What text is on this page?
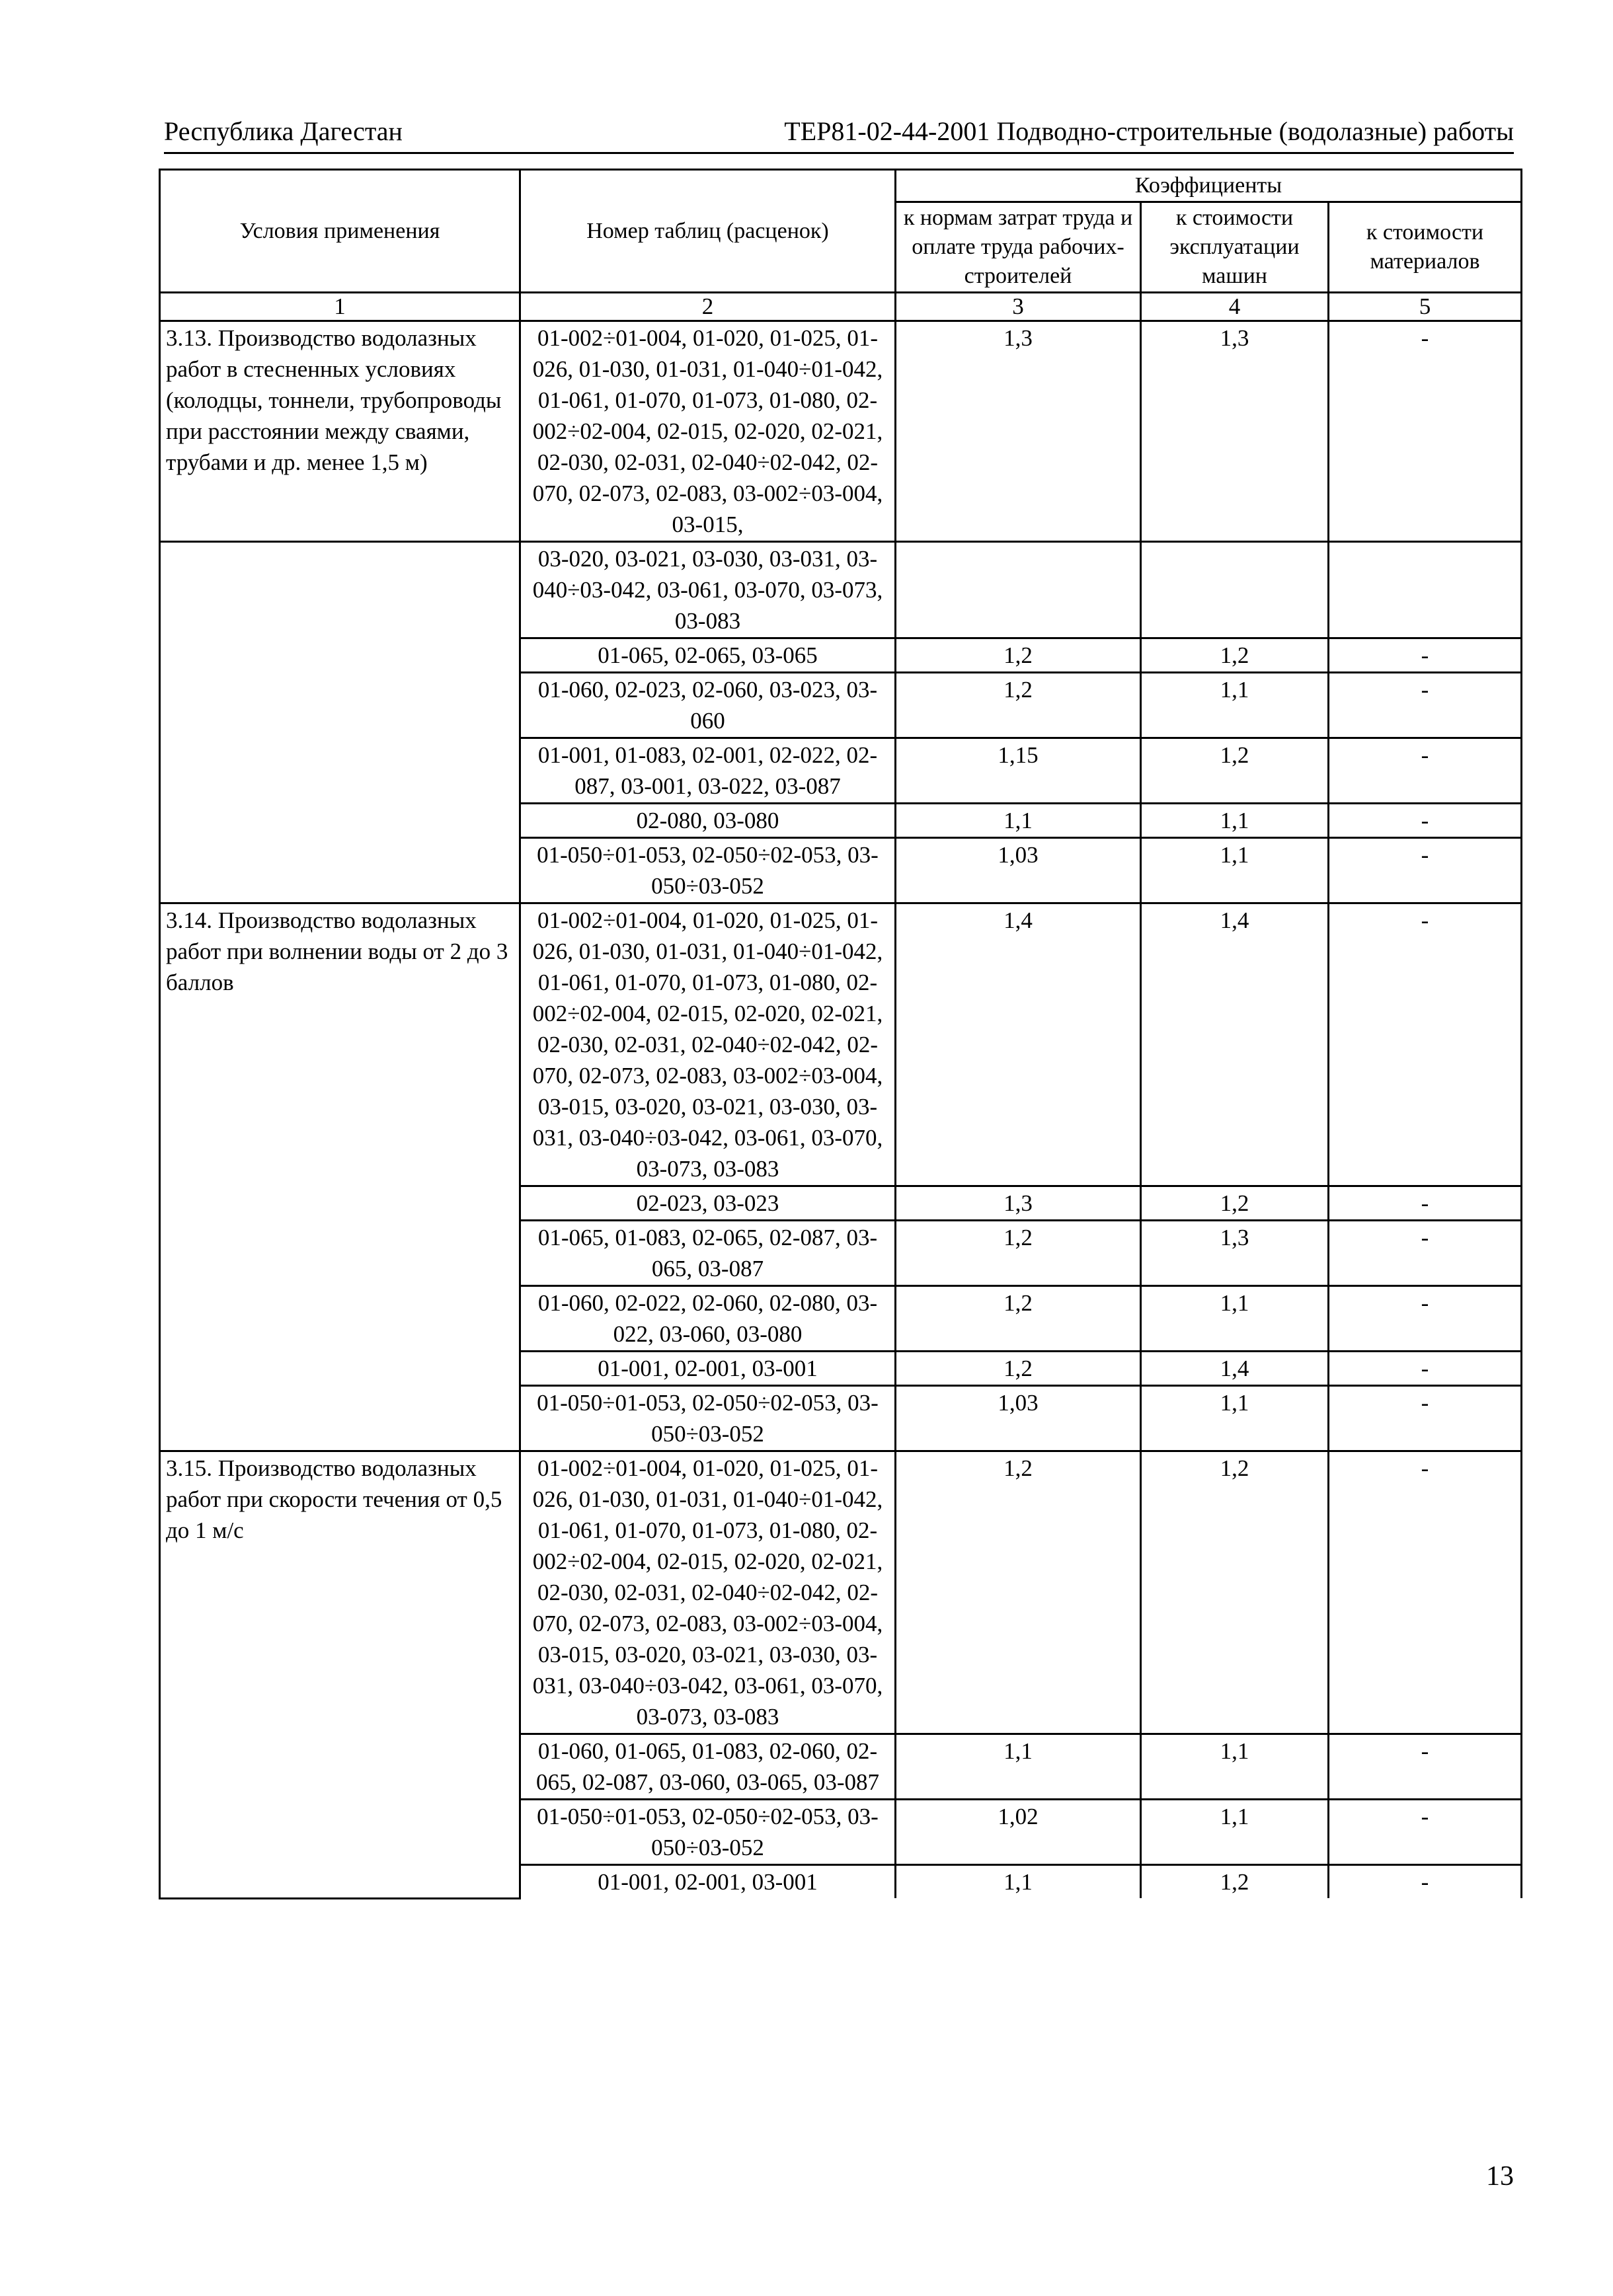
Республика Дагестан	ТЕР81-02-44-2001 Подводно-строительные (водолазные) работы
Условия применения	Номер таблиц (расценок)	Коэффициенты		
		к нормам затрат труда и оплате труда рабочих-строителей	к стоимости эксплуатации машин	к стоимости материалов
1	2	3	4	5
3.13. Производство водолазных работ в стесненных условиях (колодцы, тоннели, трубопроводы при расстоянии между сваями, трубами и др. менее 1,5 м)	01-002÷01-004, 01-020, 01-025, 01-026, 01-030, 01-031, 01-040÷01-042, 01-061, 01-070, 01-073, 01-080, 02-002÷02-004, 02-015, 02-020, 02-021, 02-030, 02-031, 02-040÷02-042, 02-070, 02-073, 02-083, 03-002÷03-004, 03-015,	1,3	1,3	-
	03-020, 03-021, 03-030, 03-031, 03-040÷03-042, 03-061, 03-070, 03-073, 03-083			
	01-065, 02-065, 03-065	1,2	1,2	-
	01-060, 02-023, 02-060, 03-023, 03-060	1,2	1,1	-
	01-001, 01-083, 02-001, 02-022, 02-087, 03-001, 03-022, 03-087	1,15	1,2	-
	02-080, 03-080	1,1	1,1	-
	01-050÷01-053, 02-050÷02-053, 03-050÷03-052	1,03	1,1	-
3.14. Производство водолазных работ при волнении воды от 2 до 3 баллов	01-002÷01-004, 01-020, 01-025, 01-026, 01-030, 01-031, 01-040÷01-042, 01-061, 01-070, 01-073, 01-080, 02-002÷02-004, 02-015, 02-020, 02-021, 02-030, 02-031, 02-040÷02-042, 02-070, 02-073, 02-083, 03-002÷03-004, 03-015, 03-020, 03-021, 03-030, 03-031, 03-040÷03-042, 03-061, 03-070, 03-073, 03-083	1,4	1,4	-
	02-023, 03-023	1,3	1,2	-
	01-065, 01-083, 02-065, 02-087, 03-065, 03-087	1,2	1,3	-
	01-060, 02-022, 02-060, 02-080, 03-022, 03-060, 03-080	1,2	1,1	-
	01-001, 02-001, 03-001	1,2	1,4	-
	01-050÷01-053, 02-050÷02-053, 03-050÷03-052	1,03	1,1	-
3.15. Производство водолазных работ при скорости течения от 0,5 до 1 м/с	01-002÷01-004, 01-020, 01-025, 01-026, 01-030, 01-031, 01-040÷01-042, 01-061, 01-070, 01-073, 01-080, 02-002÷02-004, 02-015, 02-020, 02-021, 02-030, 02-031, 02-040÷02-042, 02-070, 02-073, 02-083, 03-002÷03-004, 03-015, 03-020, 03-021, 03-030, 03-031, 03-040÷03-042, 03-061, 03-070, 03-073, 03-083	1,2	1,2	-
	01-060, 01-065, 01-083, 02-060, 02-065, 02-087, 03-060, 03-065, 03-087	1,1	1,1	-
	01-050÷01-053, 02-050÷02-053, 03-050÷03-052	1,02	1,1	-
	01-001, 02-001, 03-001	1,1	1,2	-
13
